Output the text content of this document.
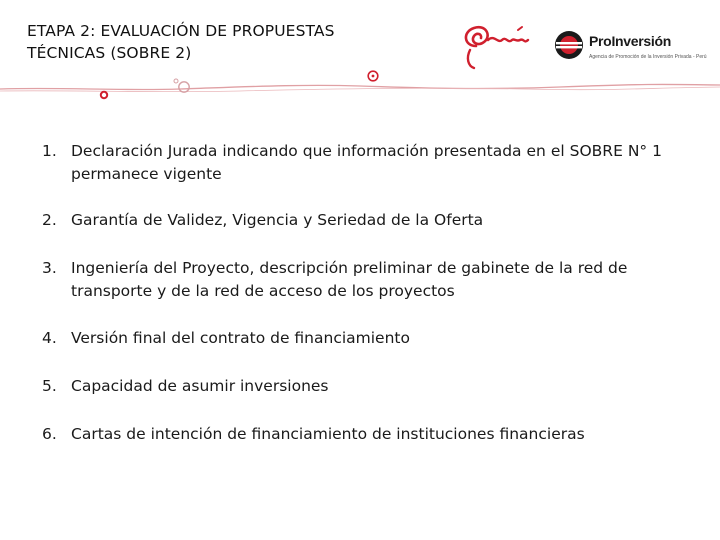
ETAPA 2: EVALUACIÓN DE PROPUESTAS
TÉCNICAS (SOBRE 2)
ProInversión
Agencia de Promoción de la Inversión Privada - Perú
1. Declaración Jurada indicando que información presentada en el SOBRE N° 1 permanece vigente
2. Garantía de Validez, Vigencia y Seriedad de la Oferta
3. Ingeniería del Proyecto, descripción preliminar de gabinete de la red de transporte y de la red de acceso de los proyectos
4. Versión final del contrato de financiamiento
5. Capacidad de asumir inversiones
6. Cartas de intención de financiamiento de instituciones financieras
